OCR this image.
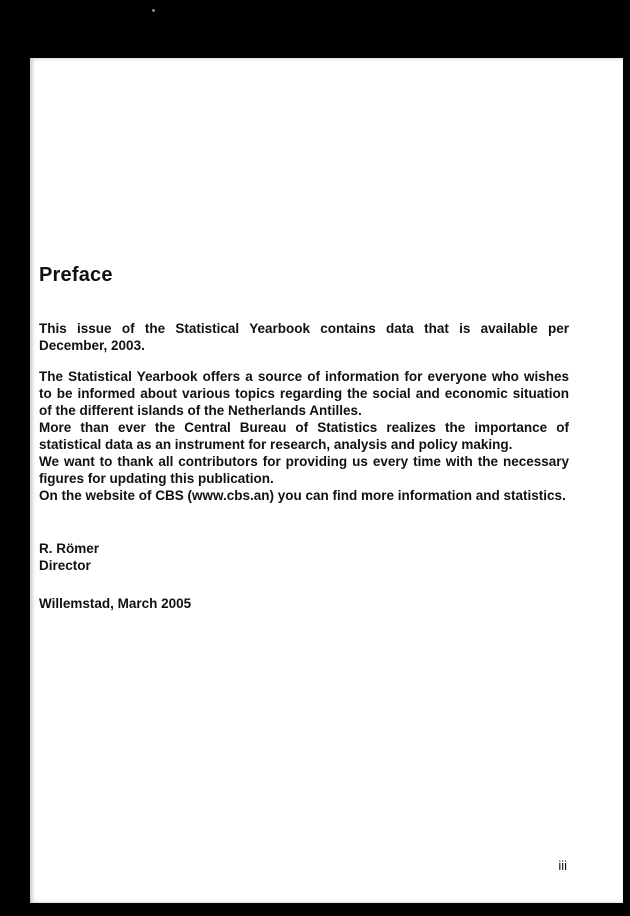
Preface

This issue of the Statistical Yearbook contains data that is available per December, 2003.

The Statistical Yearbook offers a source of information for everyone who wishes to be informed about various topics regarding the social and economic situation of the different islands of the Netherlands Antilles.

More than ever the Central Bureau of Statistics realizes the importance of statistical data as an instrument for research, analysis and policy making.

We want to thank all contributors for providing us every time with the necessary figures for updating this publication.

On the website of CBS (www.cbs.an) you can find more information and statistics.

R. Römer

Director

Willemstad, March 2005

iii
